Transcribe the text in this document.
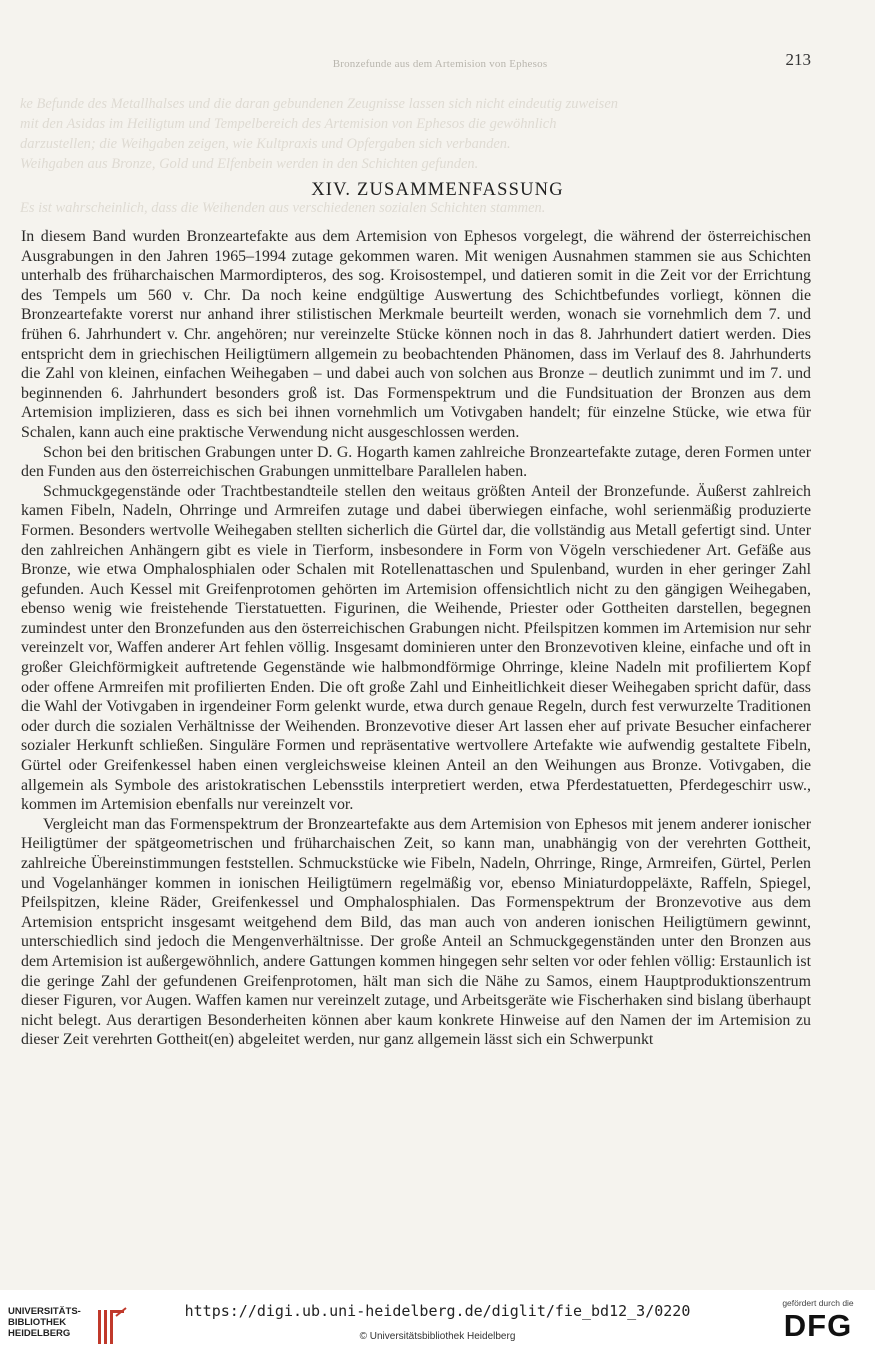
Bronzefunde aus dem Artemision von Ephesos	213
ke Befunde des Metallhalses und die daran gebundenen Zeugnisse lassen sich nicht eindeutig zuweisen
mit den Asidas im Heiligtum und Tempelbereich des Artemision von Ephesos die gewöhnlich
darzustellen; die Weihgaben zeigen, wie Kultpraxis und Opfergaben sich verbanden.
Weihgaben aus Bronze, Gold und Elfenbein werden in den Schichten gefunden.
Es ist wahrscheinlich, dass die Weihenden aus verschiedenen sozialen Schichten stammen.
XIV. ZUSAMMENFASSUNG

In diesem Band wurden Bronzeartefakte aus dem Artemision von Ephesos vorgelegt, die während der österreichischen Ausgrabungen in den Jahren 1965–1994 zutage gekommen waren. Mit wenigen Ausnahmen stammen sie aus Schichten unterhalb des früharchaischen Marmordipteros, des sog. Kroisostempel, und datieren somit in die Zeit vor der Errichtung des Tempels um 560 v. Chr. Da noch keine endgültige Auswertung des Schichtbefundes vorliegt, können die Bronzeartefakte vorerst nur anhand ihrer stilistischen Merkmale beurteilt werden, wonach sie vornehmlich dem 7. und frühen 6. Jahrhundert v. Chr. angehören; nur vereinzelte Stücke können noch in das 8. Jahrhundert datiert werden. Dies entspricht dem in griechischen Heiligtümern allgemein zu beobachtenden Phänomen, dass im Verlauf des 8. Jahrhunderts die Zahl von kleinen, einfachen Weihegaben – und dabei auch von solchen aus Bronze – deutlich zunimmt und im 7. und beginnenden 6. Jahrhundert besonders groß ist. Das Formenspektrum und die Fundsituation der Bronzen aus dem Artemision implizieren, dass es sich bei ihnen vornehmlich um Votivgaben handelt; für einzelne Stücke, wie etwa für Schalen, kann auch eine praktische Verwendung nicht ausgeschlossen werden.

Schon bei den britischen Grabungen unter D. G. Hogarth kamen zahlreiche Bronzeartefakte zutage, deren Formen unter den Funden aus den österreichischen Grabungen unmittelbare Parallelen haben.

Schmuckgegenstände oder Trachtbestandteile stellen den weitaus größten Anteil der Bronzefunde. Äußerst zahlreich kamen Fibeln, Nadeln, Ohrringe und Armreifen zutage und dabei überwiegen einfache, wohl serienmäßig produzierte Formen. Besonders wertvolle Weihegaben stellten sicherlich die Gürtel dar, die vollständig aus Metall gefertigt sind. Unter den zahlreichen Anhängern gibt es viele in Tierform, insbesondere in Form von Vögeln verschiedener Art. Gefäße aus Bronze, wie etwa Omphalosphialen oder Schalen mit Rotellenattaschen und Spulenband, wurden in eher geringer Zahl gefunden. Auch Kessel mit Greifenprotomen gehörten im Artemision offensichtlich nicht zu den gängigen Weihegaben, ebenso wenig wie freistehende Tierstatuetten. Figurinen, die Weihende, Priester oder Gottheiten darstellen, begegnen zumindest unter den Bronzefunden aus den österreichischen Grabungen nicht. Pfeilspitzen kommen im Artemision nur sehr vereinzelt vor, Waffen anderer Art fehlen völlig. Insgesamt dominieren unter den Bronzevotiven kleine, einfache und oft in großer Gleichförmigkeit auftretende Gegenstände wie halbmondförmige Ohrringe, kleine Nadeln mit profiliertem Kopf oder offene Armreifen mit profilierten Enden. Die oft große Zahl und Einheitlichkeit dieser Weihegaben spricht dafür, dass die Wahl der Votivgaben in irgendeiner Form gelenkt wurde, etwa durch genaue Regeln, durch fest verwurzelte Traditionen oder durch die sozialen Verhältnisse der Weihenden. Bronzevotive dieser Art lassen eher auf private Besucher einfacherer sozialer Herkunft schließen. Singuläre Formen und repräsentative wertvollere Artefakte wie aufwendig gestaltete Fibeln, Gürtel oder Greifenkessel haben einen vergleichsweise kleinen Anteil an den Weihungen aus Bronze. Votivgaben, die allgemein als Symbole des aristokratischen Lebensstils interpretiert werden, etwa Pferdestatuetten, Pferdegeschirr usw., kommen im Artemision ebenfalls nur vereinzelt vor.

Vergleicht man das Formenspektrum der Bronzeartefakte aus dem Artemision von Ephesos mit jenem anderer ionischer Heiligtümer der spätgeometrischen und früharchaischen Zeit, so kann man, unabhängig von der verehrten Gottheit, zahlreiche Übereinstimmungen feststellen. Schmuckstücke wie Fibeln, Nadeln, Ohrringe, Ringe, Armreifen, Gürtel, Perlen und Vogelanhänger kommen in ionischen Heiligtümern regelmäßig vor, ebenso Miniaturdoppeläxte, Raffeln, Spiegel, Pfeilspitzen, kleine Räder, Greifenkessel und Omphalosphialen. Das Formenspektrum der Bronzevotive aus dem Artemision entspricht insgesamt weitgehend dem Bild, das man auch von anderen ionischen Heiligtümern gewinnt, unterschiedlich sind jedoch die Mengenverhältnisse. Der große Anteil an Schmuckgegenständen unter den Bronzen aus dem Artemision ist außergewöhnlich, andere Gattungen kommen hingegen sehr selten vor oder fehlen völlig: Erstaunlich ist die geringe Zahl der gefundenen Greifenprotomen, hält man sich die Nähe zu Samos, einem Hauptproduktionszentrum dieser Figuren, vor Augen. Waffen kamen nur vereinzelt zutage, und Arbeitsgeräte wie Fischerhaken sind bislang überhaupt nicht belegt. Aus derartigen Besonderheiten können aber kaum konkrete Hinweise auf den Namen der im Artemision zu dieser Zeit verehrten Gottheit(en) abgeleitet werden, nur ganz allgemein lässt sich ein Schwerpunkt

UNIVERSITÄTS-
BIBLIOTHEK
HEIDELBERG
https://digi.ub.uni-heidelberg.de/diglit/fie_bd12_3/0220
© Universitätsbibliothek Heidelberg
gefördert durch die
DFG
